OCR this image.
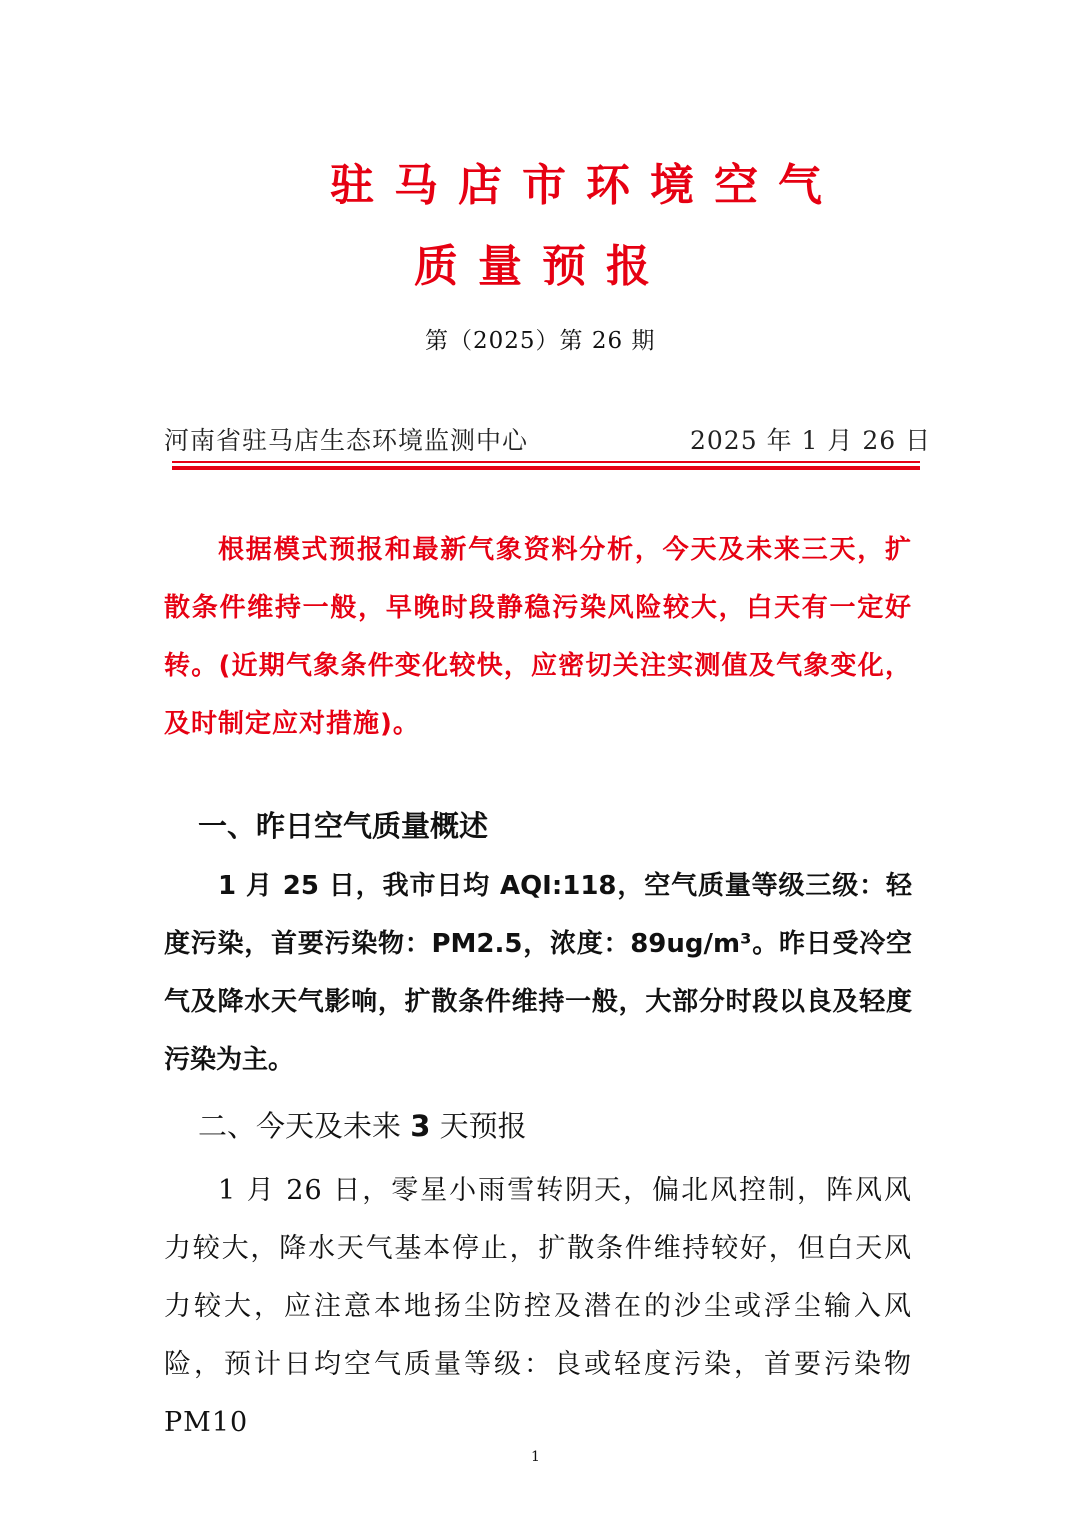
驻马店市环境空气
质量预报
第（2025）第 26 期
河南省驻马店生态环境监测中心	2025 年 1 月 26 日

根据模式预报和最新气象资料分析，今天及未来三天，扩散条件维持一般，早晚时段静稳污染风险较大，白天有一定好转。(近期气象条件变化较快，应密切关注实测值及气象变化，及时制定应对措施)。

一、昨日空气质量概述

1 月 25 日，我市日均 AQI:118，空气质量等级三级：轻度污染，首要污染物：PM2.5，浓度：89ug/m³。昨日受冷空气及降水天气影响，扩散条件维持一般，大部分时段以良及轻度污染为主。

二、今天及未来 3 天预报

1 月 26 日，零星小雨雪转阴天，偏北风控制，阵风风力较大，降水天气基本停止，扩散条件维持较好，但白天风力较大，应注意本地扬尘防控及潜在的沙尘或浮尘输入风险，预计日均空气质量等级：良或轻度污染，首要污染物 PM10

1
